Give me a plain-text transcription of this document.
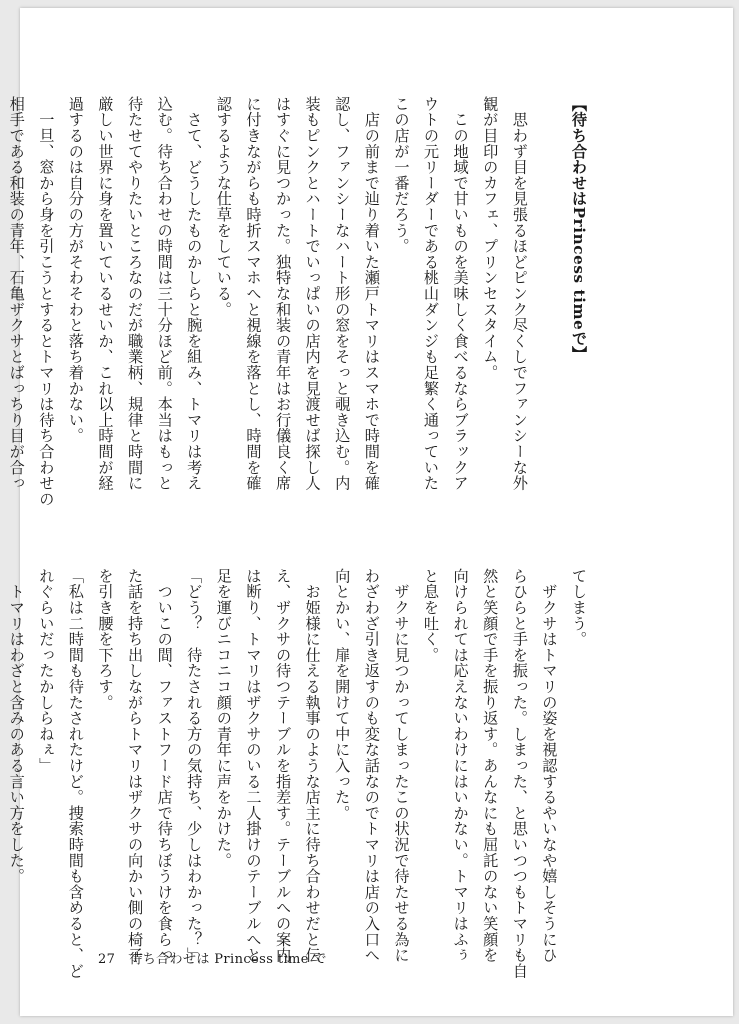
【待ち合わせはPrincess timeで】

　思わず目を見張るほどピンク尽くしでファンシーな外
観が目印のカフェ、プリンセスタイム。
　この地域で甘いものを美味しく食べるならブラックア
ウトの元リーダーである桃山ダンジも足繁く通っていた
この店が一番だろう。
　店の前まで辿り着いた瀬戸トマリはスマホで時間を確
認し、ファンシーなハート形の窓をそっと覗き込む。内
装もピンクとハートでいっぱいの店内を見渡せば探し人
はすぐに見つかった。独特な和装の青年はお行儀良く席
に付きながらも時折スマホへと視線を落とし、時間を確
認するような仕草をしている。
　さて、どうしたものかしらと腕を組み、トマリは考え
込む。待ち合わせの時間は三十分ほど前。本当はもっと
待たせてやりたいところなのだが職業柄、規律と時間に
厳しい世界に身を置いているせいか、これ以上時間が経
過するのは自分の方がそわそわと落ち着かない。
　一旦、窓から身を引こうとするとトマリは待ち合わせの
相手である和装の青年、石亀ザクサとばっちり目が合っ
てしまう。
　ザクサはトマリの姿を視認するやいなや嬉しそうにひ
らひらと手を振った。しまった、と思いつつもトマリも自
然と笑顔で手を振り返す。あんなにも屈託のない笑顔を
向けられては応えないわけにはいかない。トマリはふぅ
と息を吐く。
　ザクサに見つかってしまったこの状況で待たせる為に
わざわざ引き返すのも変な話なのでトマリは店の入口へ
向とかい、扉を開けて中に入った。
　お姫様に仕える執事のような店主に待ち合わせだと伝
え、ザクサの待つテーブルを指差す。テーブルへの案内
は断り、トマリはザクサのいる二人掛けのテーブルへと
足を運びニコニコ顔の青年に声をかけた。
「どう？　待たされる方の気持ち、少しはわかった？」
　ついこの間、ファストフード店で待ちぼうけを食らっ
た話を持ち出しながらトマリはザクサの向かい側の椅子
を引き腰を下ろす。
「私は二時間も待たされたけど。捜索時間も含めると、ど
れぐらいだったかしらねぇ」
　トマリはわざと含みのある言い方をした。
27 待ち合わせは Princess time で
